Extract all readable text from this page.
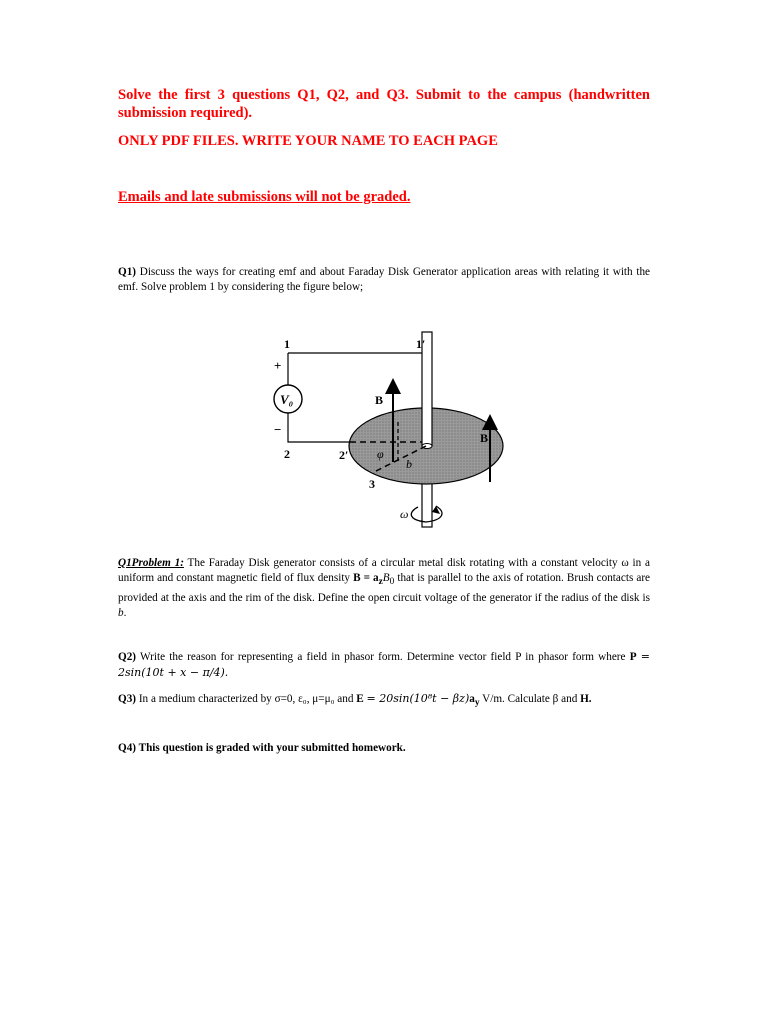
Solve the first 3 questions Q1, Q2, and Q3. Submit to the campus (handwritten submission required).
ONLY PDF FILES. WRITE YOUR NAME TO EACH PAGE
Emails and late submissions will not be graded.
Q1) Discuss the ways for creating emf and about Faraday Disk Generator application areas with relating it with the emf. Solve problem 1 by considering the figure below;
V₀
1	1′
+
−
2	2′
3
B
B
φ
b
ω
Q1Problem 1: The Faraday Disk generator consists of a circular metal disk rotating with a constant velocity ω in a uniform and constant magnetic field of flux density $B = a_zB_0$ that is parallel to the axis of rotation. Brush contacts are provided at the axis and the rim of the disk. Define the open circuit voltage of the generator if the radius of the disk is b.
Q2) Write the reason for representing a field in phasor form. Determine vector field P in phasor form where P = 2sin(10t + x − π/4).
Q3) In a medium characterized by σ=0, ε₀, μ=μ₀ and $E = 20\sin(10^8t - \beta z)a_y$ V/m. Calculate β and H.
Q4) This question is graded with your submitted homework.
